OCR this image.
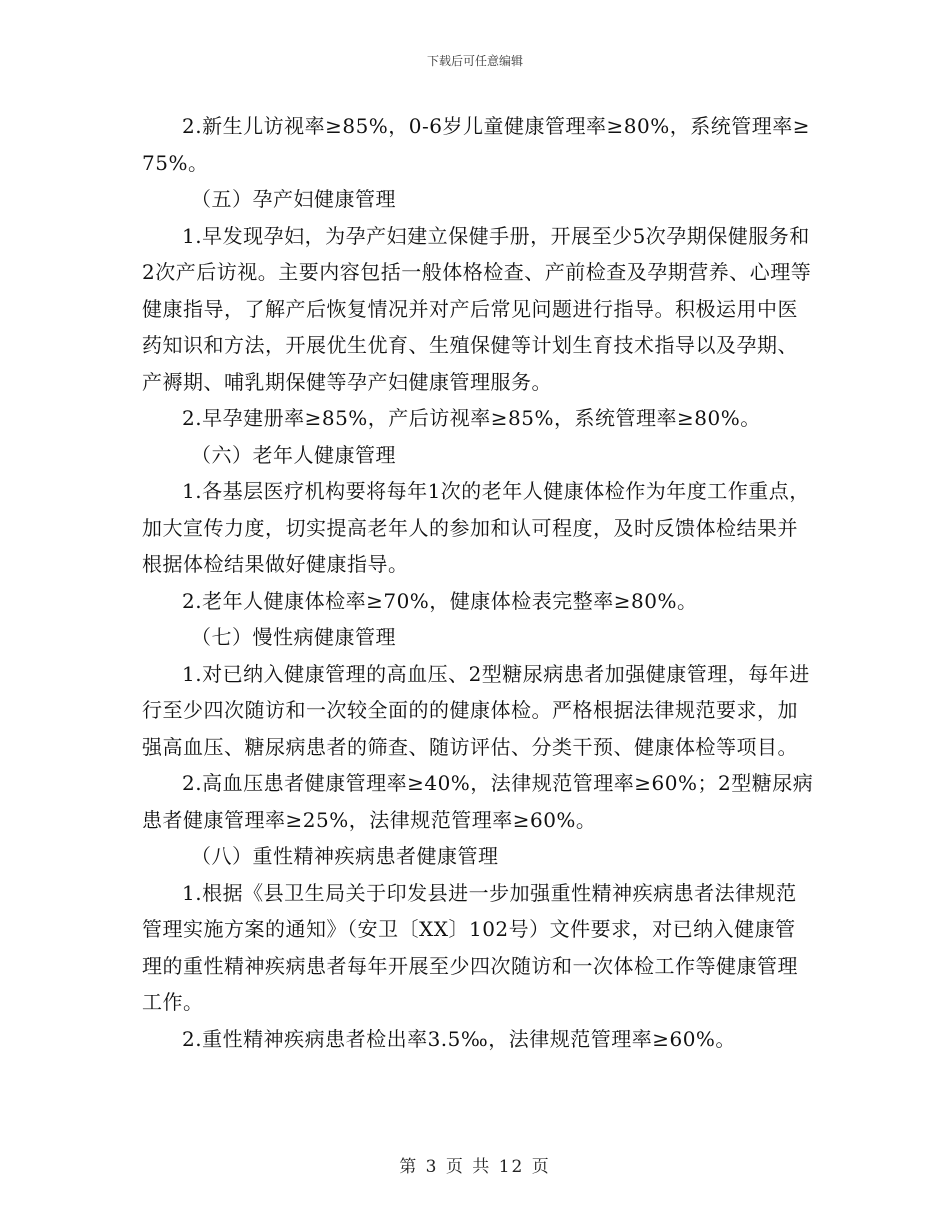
下载后可任意编辑

2.新生儿访视率≥85%，0-6岁儿童健康管理率≥80%，系统管理率≥75%。

（五）孕产妇健康管理

1.早发现孕妇，为孕产妇建立保健手册，开展至少5次孕期保健服务和2次产后访视。主要内容包括一般体格检查、产前检查及孕期营养、心理等健康指导，了解产后恢复情况并对产后常见问题进行指导。积极运用中医药知识和方法，开展优生优育、生殖保健等计划生育技术指导以及孕期、产褥期、哺乳期保健等孕产妇健康管理服务。

2.早孕建册率≥85%，产后访视率≥85%，系统管理率≥80%。

（六）老年人健康管理

1.各基层医疗机构要将每年1次的老年人健康体检作为年度工作重点，加大宣传力度，切实提高老年人的参加和认可程度，及时反馈体检结果并根据体检结果做好健康指导。

2.老年人健康体检率≥70%，健康体检表完整率≥80%。

（七）慢性病健康管理

1.对已纳入健康管理的高血压、2型糖尿病患者加强健康管理，每年进行至少四次随访和一次较全面的的健康体检。严格根据法律规范要求，加强高血压、糖尿病患者的筛查、随访评估、分类干预、健康体检等项目。

2.高血压患者健康管理率≥40%，法律规范管理率≥60%；2型糖尿病患者健康管理率≥25%，法律规范管理率≥60%。

（八）重性精神疾病患者健康管理

1.根据《县卫生局关于印发县进一步加强重性精神疾病患者法律规范管理实施方案的通知》（安卫〔XX〕102号）文件要求，对已纳入健康管理的重性精神疾病患者每年开展至少四次随访和一次体检工作等健康管理工作。

2.重性精神疾病患者检出率3.5‰，法律规范管理率≥60%。

第 3 页 共 12 页
